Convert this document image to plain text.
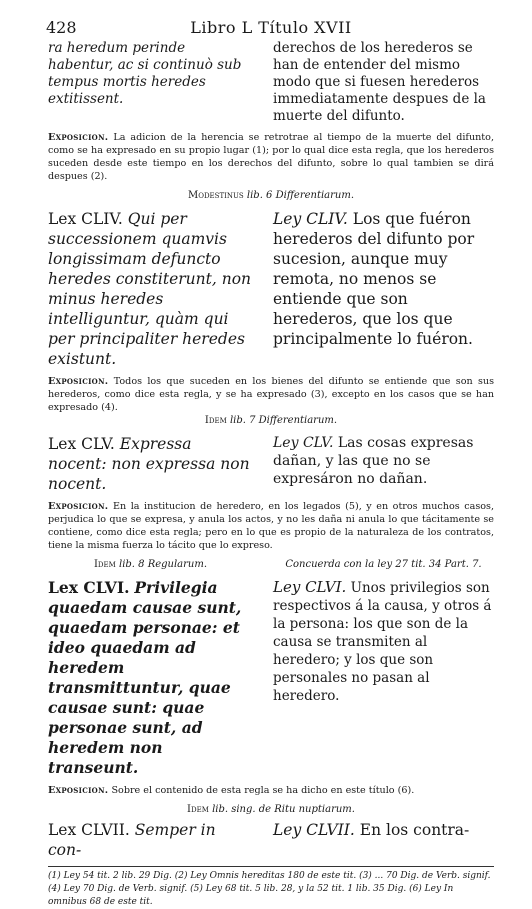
428	Libro L Título XVII
ra heredum perinde habentur, ac si continuò sub tempus mortis heredes extitissent.
derechos de los herederos se han de entender del mismo modo que si fuesen herederos immediatamente despues de la muerte del difunto.
Exposicion. La adicion de la herencia se retrotrae al tiempo de la muerte del difunto, como se ha expresado en su propio lugar (1); por lo qual dice esta regla, que los herederos suceden desde este tiempo en los derechos del difunto, sobre lo qual tambien se dirá despues (2).
Modestinus lib. 6 Differentiarum.
Lex CLIV. Qui per successionem quamvis longissimam defuncto heredes constiterunt, non minus heredes intelliguntur, quàm qui per principaliter heredes existunt.
Ley CLIV. Los que fuéron herederos del difunto por sucesion, aunque muy remota, no menos se entiende que son herederos, que los que principalmente lo fuéron.
Exposicion. Todos los que suceden en los bienes del difunto se entiende que son sus herederos, como dice esta regla, y se ha expresado (3), excepto en los casos que se han expresado (4).
Idem lib. 7 Differentiarum.
Lex CLV. Expressa nocent: non expressa non nocent.
Ley CLV. Las cosas expresas dañan, y las que no se expresáron no dañan.
Exposicion. En la institucion de heredero, en los legados (5), y en otros muchos casos, perjudica lo que se expresa, y anula los actos, y no les daña ni anula lo que tácitamente se contiene, como dice esta regla; pero en lo que es propio de la naturaleza de los contratos, tiene la misma fuerza lo tácito que lo expreso.
Idem lib. 8 Regularum.	Concuerda con la ley 27 tit. 34 Part. 7.
Lex CLVI. Privilegia quaedam causae sunt, quaedam personae: et ideo quaedam ad heredem transmittuntur, quae causae sunt: quae personae sunt, ad heredem non transeunt.
Ley CLVI. Unos privilegios son respectivos á la causa, y otros á la persona: los que son de la causa se transmiten al heredero; y los que son personales no pasan al heredero.
Exposicion. Sobre el contenido de esta regla se ha dicho en este título (6).
Idem lib. sing. de Ritu nuptiarum.
Lex CLVII. Semper in con-
Ley CLVII. En los contra-
(1) Ley 54 tit. 2 lib. 29 Dig. (2) Ley Omnis hereditas 180 de este tit. (3) ... 70 Dig. de Verb. signif. (4) Ley 70 Dig. de Verb. signif. (5) Ley 68 tit. 5 lib. 28, y la 52 tit. 1 lib. 35 Dig. (6) Ley In omnibus 68 de este tit.
